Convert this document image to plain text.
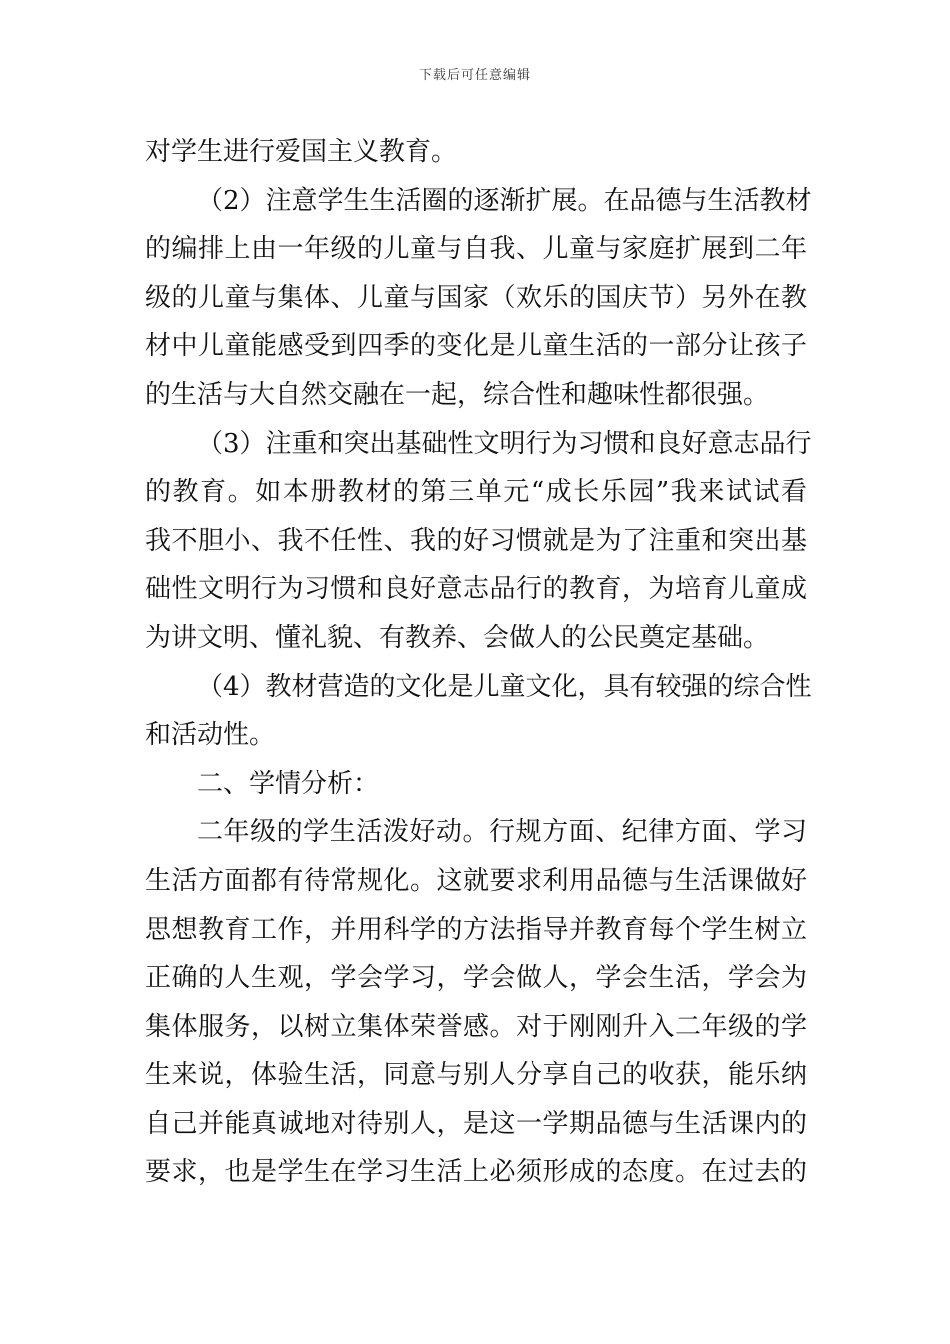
下载后可任意编辑
对学生进行爱国主义教育。
（2）注意学生生活圈的逐渐扩展。在品德与生活教材
的编排上由一年级的儿童与自我、儿童与家庭扩展到二年
级的儿童与集体、儿童与国家（欢乐的国庆节）另外在教
材中儿童能感受到四季的变化是儿童生活的一部分让孩子
的生活与大自然交融在一起，综合性和趣味性都很强。
（3）注重和突出基础性文明行为习惯和良好意志品行
的教育。如本册教材的第三单元“成长乐园”我来试试看
我不胆小、我不任性、我的好习惯就是为了注重和突出基
础性文明行为习惯和良好意志品行的教育，为培育儿童成
为讲文明、懂礼貌、有教养、会做人的公民奠定基础。
（4）教材营造的文化是儿童文化，具有较强的综合性
和活动性。
二、学情分析：
二年级的学生活泼好动。行规方面、纪律方面、学习
生活方面都有待常规化。这就要求利用品德与生活课做好
思想教育工作，并用科学的方法指导并教育每个学生树立
正确的人生观，学会学习，学会做人，学会生活，学会为
集体服务，以树立集体荣誉感。对于刚刚升入二年级的学
生来说，体验生活，同意与别人分享自己的收获，能乐纳
自己并能真诚地对待别人，是这一学期品德与生活课内的
要求，也是学生在学习生活上必须形成的态度。在过去的
